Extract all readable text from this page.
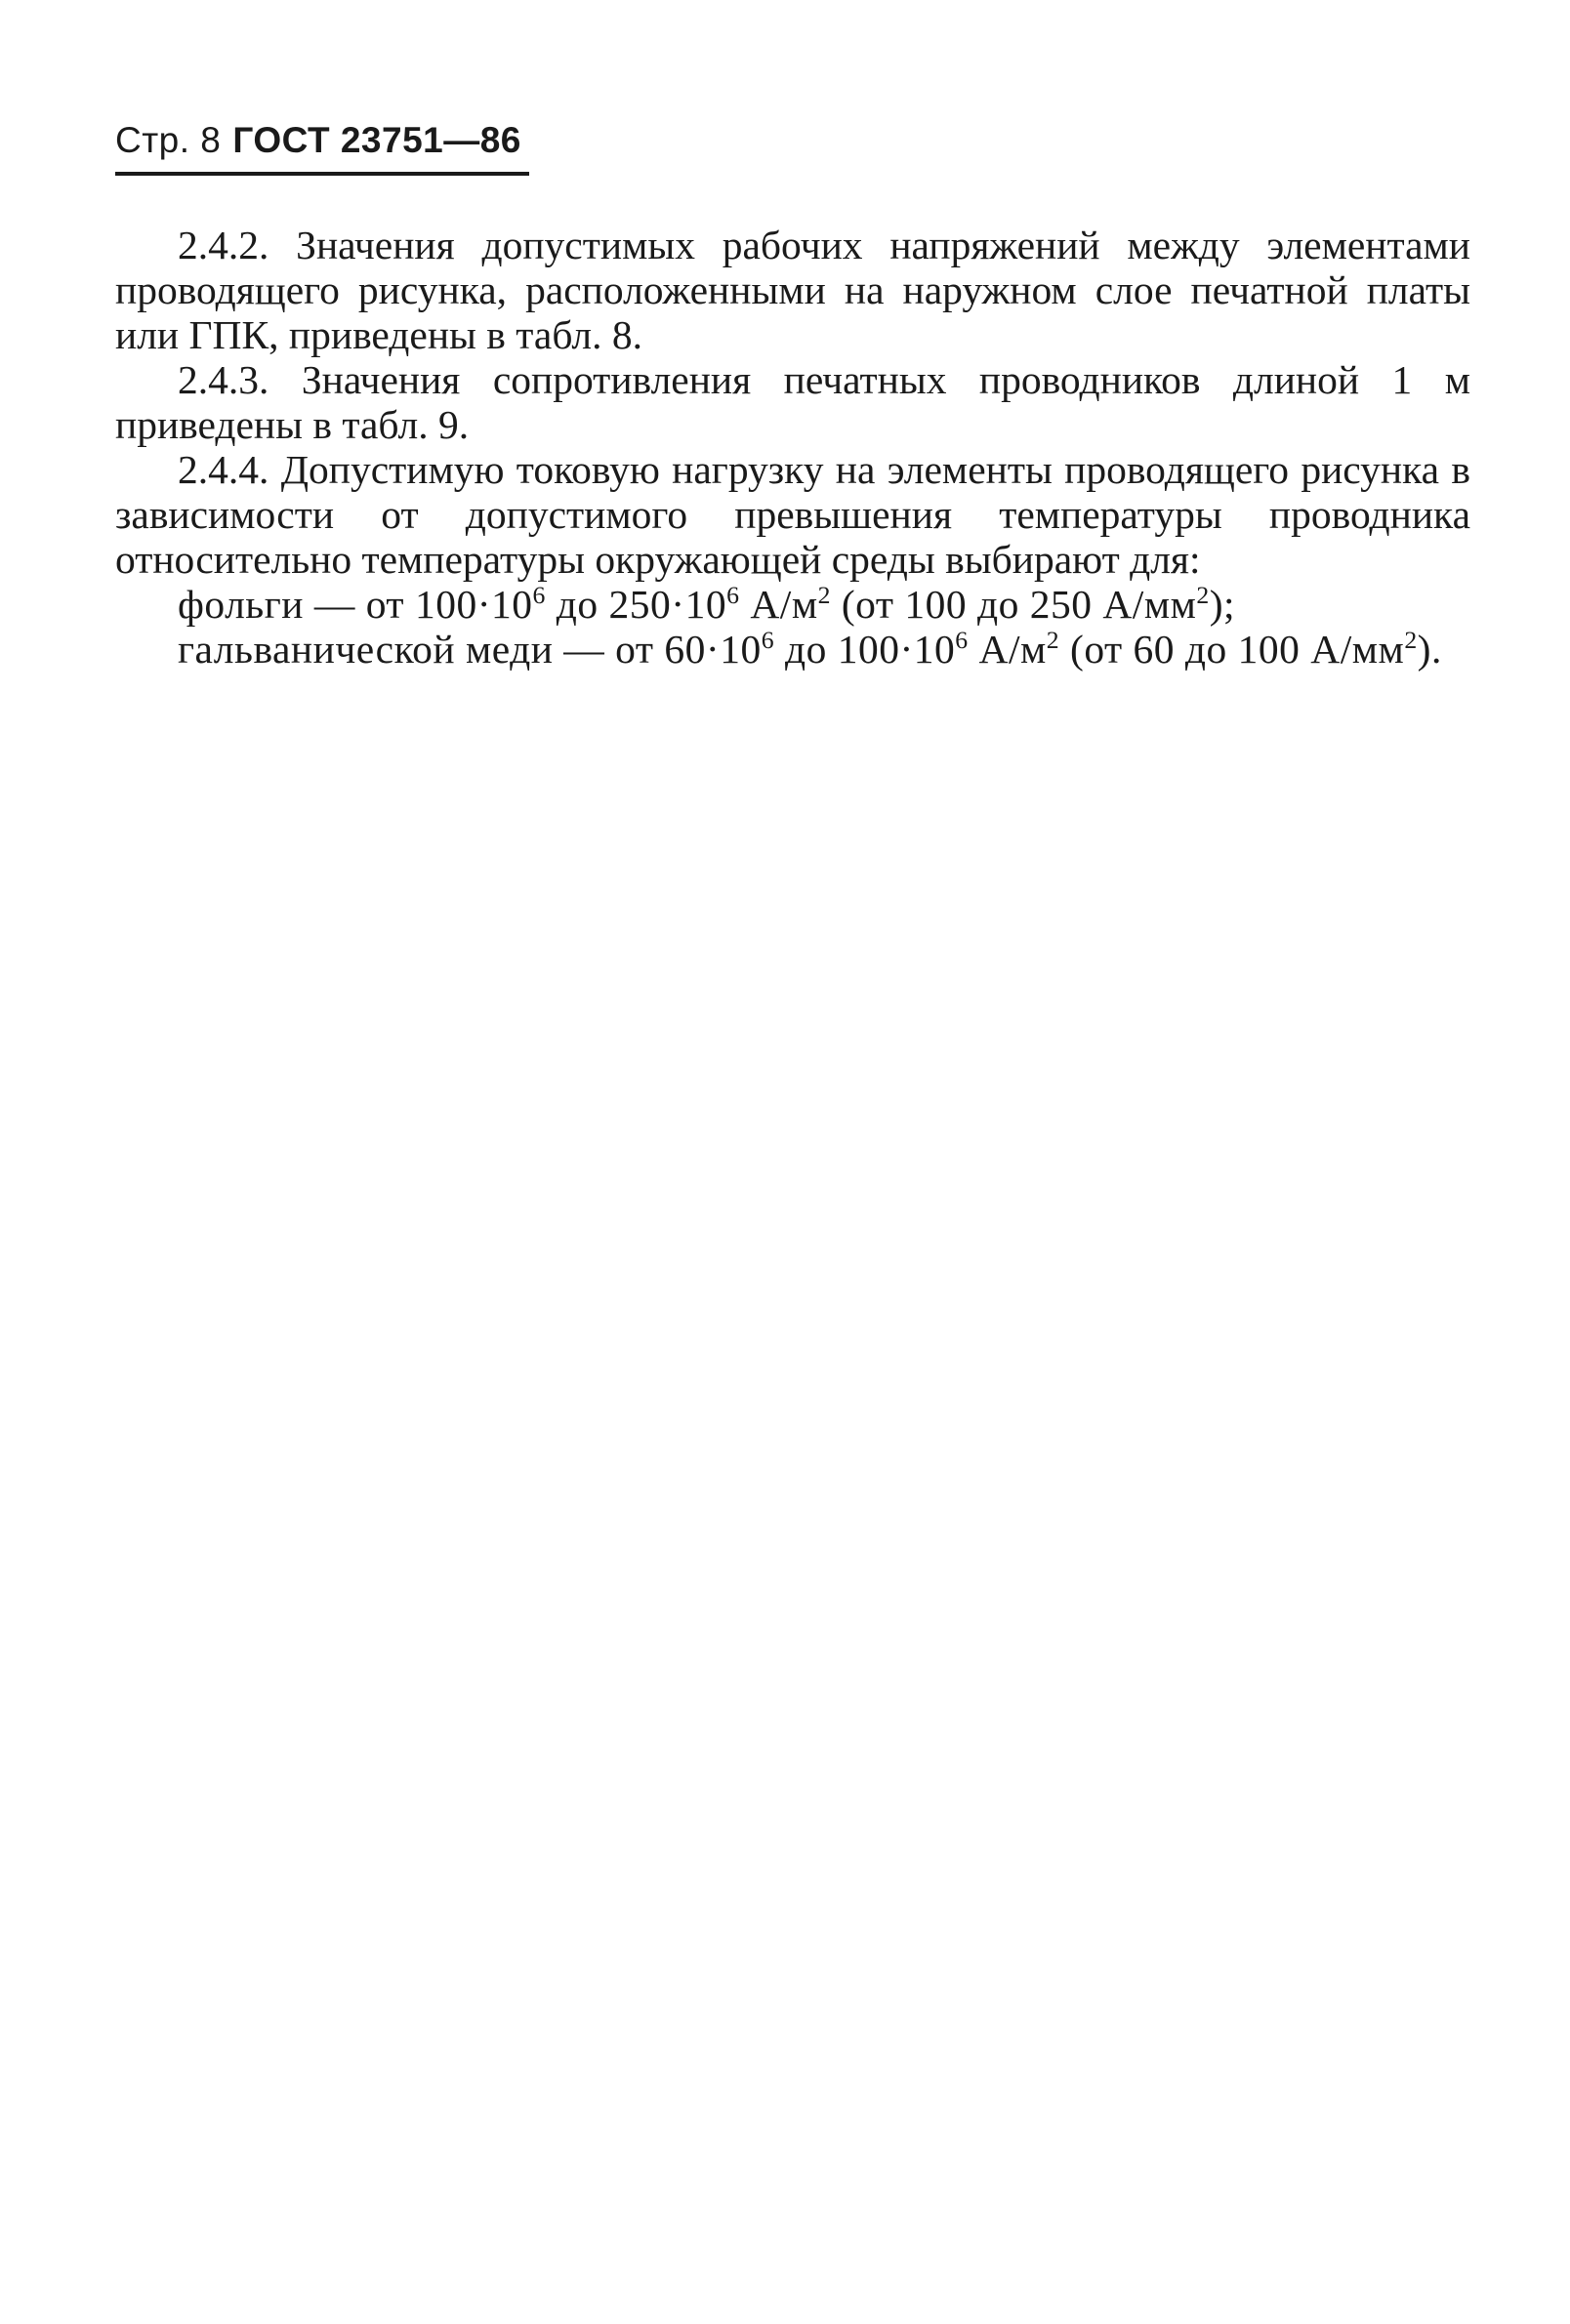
Стр. 8 ГОСТ 23751—86

2.4.2. Значения допустимых рабочих напряжений между элементами проводящего рисунка, расположенными на наружном слое печатной платы или ГПК, приведены в табл. 8.

2.4.3. Значения сопротивления печатных проводников длиной 1 м приведены в табл. 9.

2.4.4. Допустимую токовую нагрузку на элементы проводящего рисунка в зависимости от допустимого превышения температуры проводника относительно температуры окружающей среды выбирают для:

фольги — от $100\cdot 10^6$ до $250\cdot 10^6$ $А/м^2$ (от 100 до 250 $А/мм^2$);

гальванической меди — от $60\cdot 10^6$ до $100\cdot 10^6$ $А/м^2$ (от 60 до 100 $А/мм^2$).
